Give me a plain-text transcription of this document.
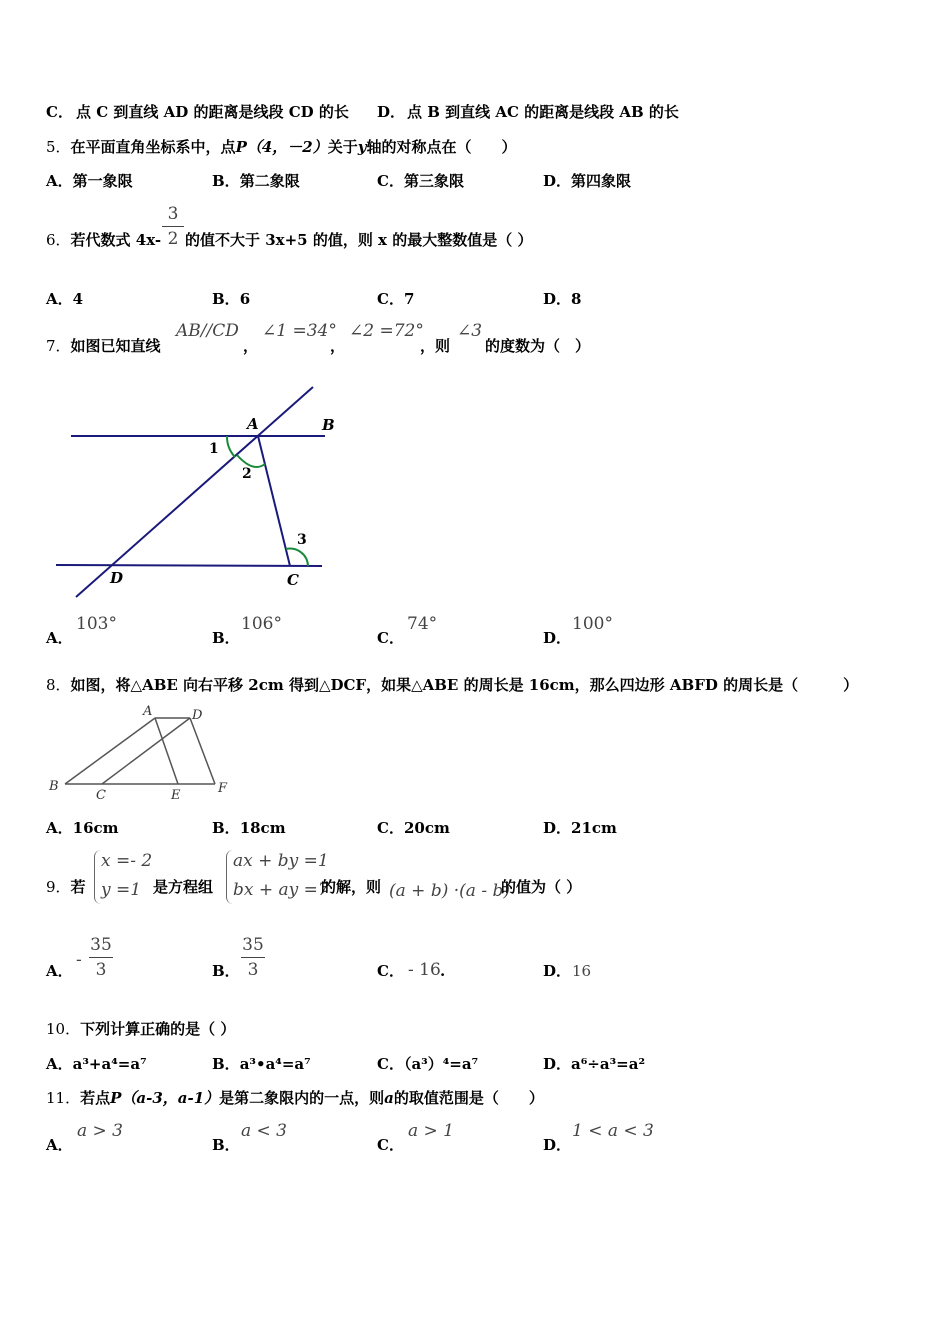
C． 点 C 到直线 AD 的距离是线段 CD 的长 D． 点 B 到直线 AC 的距离是线段 AB 的长
5．在平面直角坐标系中，点P（4，－2）关于y轴的对称点在（　　）
A．第一象限	B．第二象限	C．第三象限	D．第四象限
6．若代数式 4x-
3
2 的值不大于 3x+5 的值，则 x 的最大整数值是（ ）
A．4	B．6	C．7	D．8
7．如图已知直线
AB//CD
，
∠1 =34°
，
∠2 =72°
，则
∠3
的度数为（　）
A	B
C
D
1
2
3
A．
103°
B．
106°
C．
74°
D．
100°
8．如图，将△ABE 向右平移 2cm 得到△DCF，如果△ABE 的周长是 16cm，那么四边形 ABFD 的周长是（　　　）
A	D
B
C	E	F
A．16cm	B．18cm	C．20cm	D．21cm
9．若
x =- 2
y =1 是方程组
ax + by =1
bx + ay =7
的解，则 (a + b) ·(a - b)
的值为（ ）
A．
-
35
3	B．
35
3	C． - 16 .	D． 16
10．下列计算正确的是（ ）
A．a³+a⁴=a⁷	B．a³•a⁴=a⁷	C．（a³）⁴=a⁷	D．a⁶÷a³=a²
11．若点P（a-3，a-1）是第二象限内的一点，则a的取值范围是（　　）
A．
a > 3
B．
a < 3
C．
a > 1
D．
1 < a < 3
